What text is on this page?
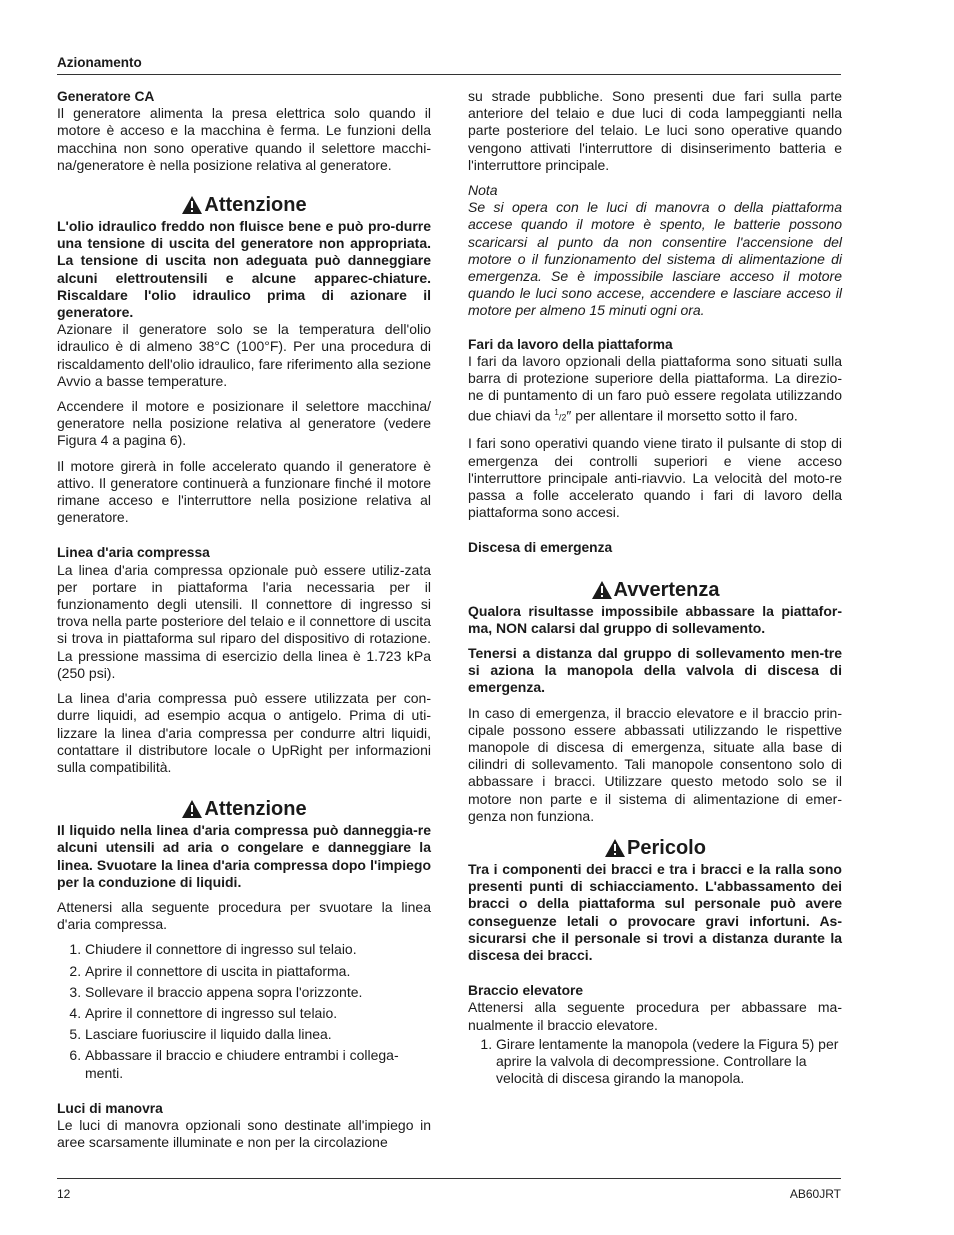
Azionamento
Generatore CA

Il generatore alimenta la presa elettrica solo quando il motore è acceso e la macchina è ferma. Le funzioni della macchina non sono operative quando il selettore macchi-na/generatore è nella posizione relativa al generatore.

Attenzione

L'olio idraulico freddo non fluisce bene e può pro-durre una tensione di uscita del generatore non appropriata. La tensione di uscita non adeguata può danneggiare alcuni elettroutensili e alcune apparec-chiature. Riscaldare l'olio idraulico prima di azionare il generatore.

Azionare il generatore solo se la temperatura dell'olio idraulico è di almeno 38°C (100°F). Per una procedura di riscaldamento dell'olio idraulico, fare riferimento alla sezione Avvio a basse temperature.

Accendere il motore e posizionare il selettore macchina/ generatore nella posizione relativa al generatore (vedere Figura 4 a pagina 6).

Il motore girerà in folle accelerato quando il generatore è attivo. Il generatore continuerà a funzionare finché il motore rimane acceso e l'interruttore nella posizione relativa al generatore.

Linea d'aria compressa

La linea d'aria compressa opzionale può essere utiliz-zata per portare in piattaforma l'aria necessaria per il funzionamento degli utensili. Il connettore di ingresso si trova nella parte posteriore del telaio e il connettore di uscita si trova in piattaforma sul riparo del dispositivo di rotazione. La pressione massima di esercizio della linea è 1.723 kPa (250 psi).

La linea d'aria compressa può essere utilizzata per con-durre liquidi, ad esempio acqua o antigelo. Prima di uti-lizzare la linea d'aria compressa per condurre altri liquidi, contattare il distributore locale o UpRight per informazioni sulla compatibilità.

Attenzione

Il liquido nella linea d'aria compressa può danneggia-re alcuni utensili ad aria o congelare e danneggiare la linea. Svuotare la linea d'aria compressa dopo l'impiego per la conduzione di liquidi.

Attenersi alla seguente procedura per svuotare la linea d'aria compressa.

1. Chiudere il connettore di ingresso sul telaio.
2. Aprire il connettore di uscita in piattaforma.
3. Sollevare il braccio appena sopra l'orizzonte.
4. Aprire il connettore di ingresso sul telaio.
5. Lasciare fuoriuscire il liquido dalla linea.
6. Abbassare il braccio e chiudere entrambi i collega-menti.
Luci di manovra

Le luci di manovra opzionali sono destinate all'impiego in aree scarsamente illuminate e non per la circolazione

su strade pubbliche. Sono presenti due fari sulla parte anteriore del telaio e due luci di coda lampeggianti nella parte posteriore del telaio. Le luci sono operative quando vengono attivati l'interruttore di disinserimento batteria e l'interruttore principale.

Nota

Se si opera con le luci di manovra o della piattaforma accese quando il motore è spento, le batterie possono scaricarsi al punto da non consentire l'accensione del motore o il funzionamento del sistema di alimentazione di emergenza. Se è impossibile lasciare acceso il motore quando le luci sono accese, accendere e lasciare acceso il motore per almeno 15 minuti ogni ora.

Fari da lavoro della piattaforma

I fari da lavoro opzionali della piattaforma sono situati sulla barra di protezione superiore della piattaforma. La direzio-ne di puntamento di un faro può essere regolata utilizzando due chiavi da $^1$/2″ per allentare il morsetto sotto il faro.

I fari sono operativi quando viene tirato il pulsante di stop di emergenza dei controlli superiori e viene acceso l'interruttore principale anti-riavvio. La velocità del moto-re passa a folle accelerato quando i fari di lavoro della piattaforma sono accesi.

Discesa di emergenza
Avvertenza

Qualora risultasse impossibile abbassare la piattafor-ma, NON calarsi dal gruppo di sollevamento.

Tenersi a distanza dal gruppo di sollevamento men-tre si aziona la manopola della valvola di discesa di emergenza.

In caso di emergenza, il braccio elevatore e il braccio prin-cipale possono essere abbassati utilizzando le rispettive manopole di discesa di emergenza, situate alla base di cilindri di sollevamento. Tali manopole consentono solo di abbassare i bracci. Utilizzare questo metodo solo se il motore non parte e il sistema di alimentazione di emer-genza non funziona.

Pericolo

Tra i componenti dei bracci e tra i bracci e la ralla sono presenti punti di schiacciamento. L'abbassamento dei bracci o della piattaforma sul personale può avere conseguenze letali o provocare gravi infortuni. As-sicurarsi che il personale si trovi a distanza durante la discesa dei bracci.

Braccio elevatore

Attenersi alla seguente procedura per abbassare ma-nualmente il braccio elevatore.

1. Girare lentamente la manopola (vedere la Figura 5) per aprire la valvola di decompressione. Controllare la velocità di discesa girando la manopola.
12	AB60JRT
